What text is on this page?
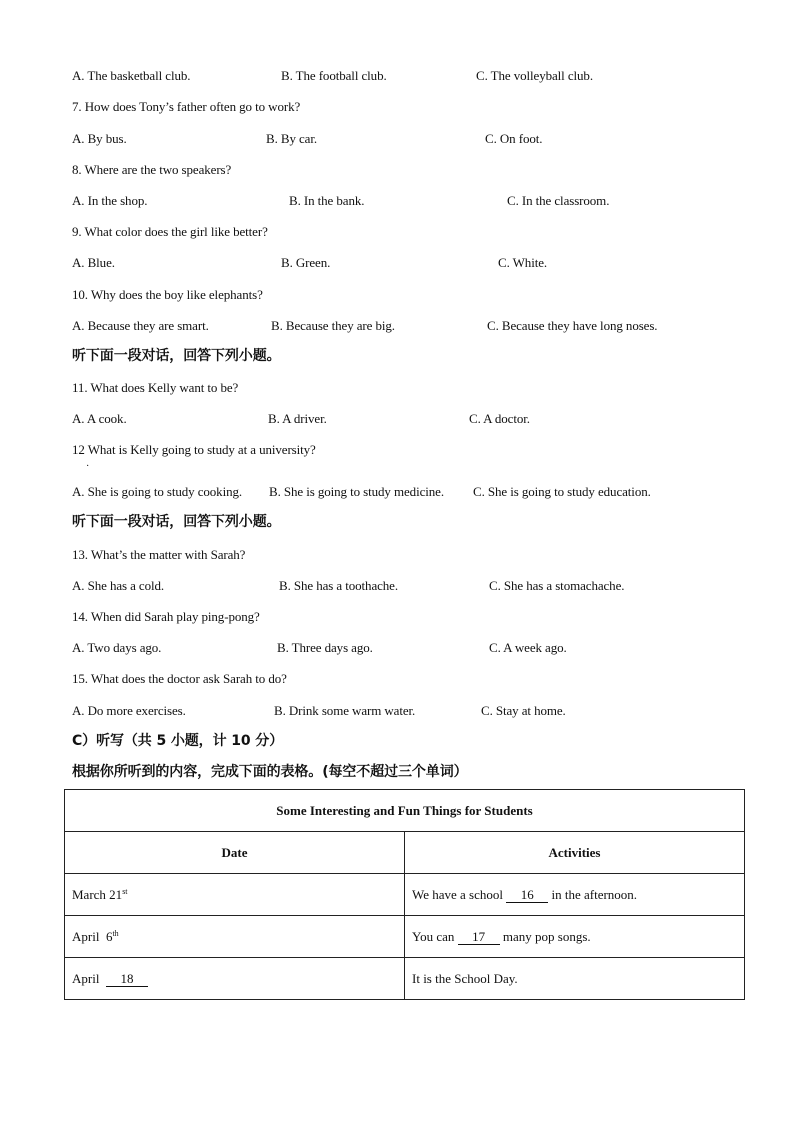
A. The basketball club.	B. The football club.	C. The volleyball club.
7. How does Tony’s father often go to work?
A. By bus.	B. By car.	C. On foot.
8. Where are the two speakers?
A. In the shop.	B. In the bank.	C. In the classroom.
9. What color does the girl like better?
A. Blue.	B. Green.	C. White.
10. Why does the boy like elephants?
A. Because they are smart.	B. Because they are big.	C. Because they have long noses.
听下面一段对话，回答下列小题。
11. What does Kelly want to be?
A. A cook.	B. A driver.	C. A doctor.
12 What is Kelly going to study at a university?
A. She is going to study cooking. B. She is going to study medicine. C. She is going to study education.
听下面一段对话，回答下列小题。
13. What’s the matter with Sarah?
A. She has a cold.	B. She has a toothache.	C. She has a stomachache.
14. When did Sarah play ping-pong?
A. Two days ago.	B. Three days ago.	C. A week ago.
15. What does the doctor ask Sarah to do?
A. Do more exercises.	B. Drink some warm water.	C. Stay at home.
C）听写（共 5 小题，计 10 分）
根据你所听到的内容，完成下面的表格。(每空不超过三个单词）
·
Some Interesting and Fun Things for Students	
Date	Activities
March 21st	We have a school 16 in the afternoon.
April  6th	You can 17 many pop songs.
April  18	It is the School Day.
